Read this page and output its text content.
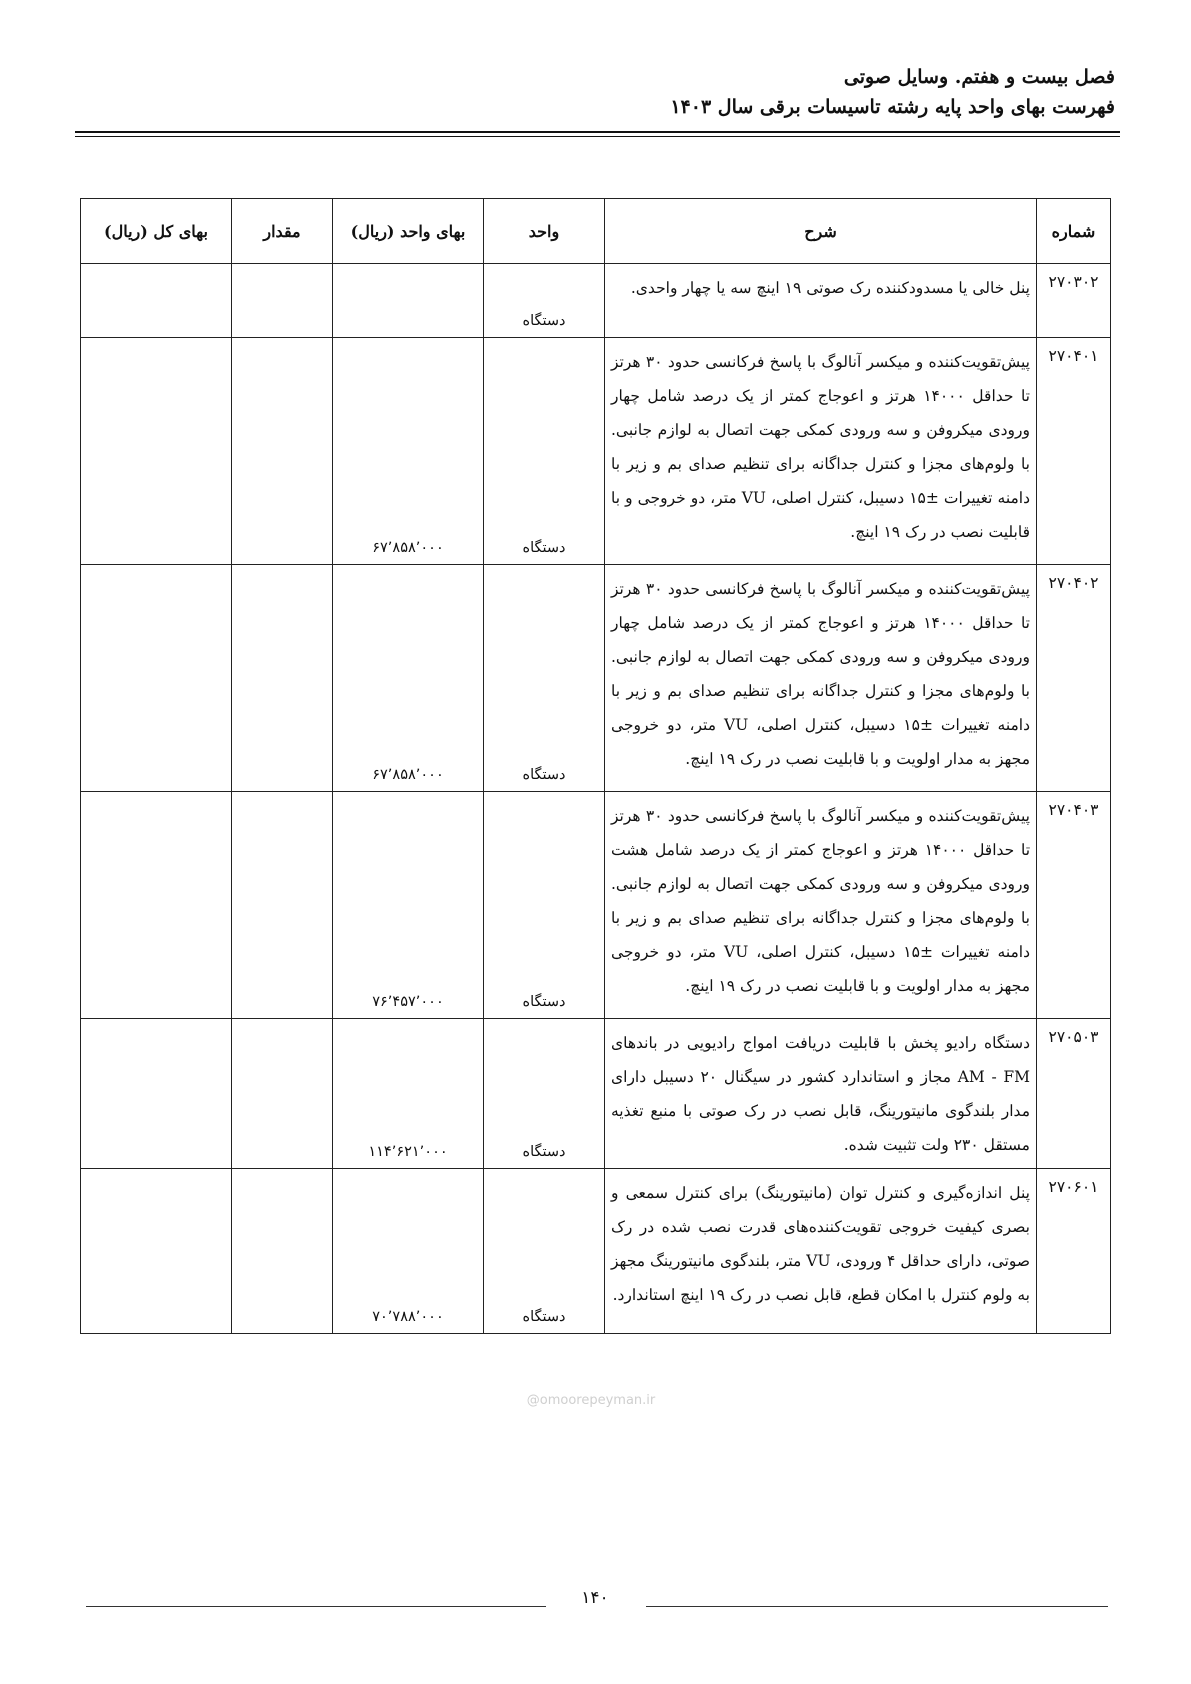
فصل بیست و هفتم. وسایل صوتی
فهرست بهای واحد پایه رشته تاسیسات برقی سال ۱۴۰۳
شماره	شرح	واحد	بهای واحد (ریال)	مقدار	بهای کل (ریال)
۲۷۰۳۰۲	پنل خالی یا مسدودکننده رک صوتی ۱۹ اینچ سه یا چهار واحدی.	دستگاه			

۲۷۰۴۰۱	پیش‌تقویت‌کننده و میکسر آنالوگ با پاسخ فرکانسی حدود ۳۰ هرتز تا حداقل ۱۴۰۰۰ هرتز و اعوجاج کمتر از یک درصد شامل چهار ورودی میکروفن و سه ورودی کمکی جهت اتصال به لوازم جانبی. با ولوم‌های مجزا و کنترل جداگانه برای تنظیم صدای بم و زیر با دامنه تغییرات ±۱۵ دسیبل، کنترل اصلی، VU متر، دو خروجی و با قابلیت نصب در رک ۱۹ اینچ.	دستگاه	۶۷٬۸۵۸٬۰۰۰		

۲۷۰۴۰۲	پیش‌تقویت‌کننده و میکسر آنالوگ با پاسخ فرکانسی حدود ۳۰ هرتز تا حداقل ۱۴۰۰۰ هرتز و اعوجاج کمتر از یک درصد شامل چهار ورودی میکروفن و سه ورودی کمکی جهت اتصال به لوازم جانبی. با ولوم‌های مجزا و کنترل جداگانه برای تنظیم صدای بم و زیر با دامنه تغییرات ±۱۵ دسیبل، کنترل اصلی، VU متر، دو خروجی مجهز به مدار اولویت و با قابلیت نصب در رک ۱۹ اینچ.	دستگاه	۶۷٬۸۵۸٬۰۰۰		

۲۷۰۴۰۳	پیش‌تقویت‌کننده و میکسر آنالوگ با پاسخ فرکانسی حدود ۳۰ هرتز تا حداقل ۱۴۰۰۰ هرتز و اعوجاج کمتر از یک درصد شامل هشت ورودی میکروفن و سه ورودی کمکی جهت اتصال به لوازم جانبی. با ولوم‌های مجزا و کنترل جداگانه برای تنظیم صدای بم و زیر با دامنه تغییرات ±۱۵ دسیبل، کنترل اصلی، VU متر، دو خروجی مجهز به مدار اولویت و با قابلیت نصب در رک ۱۹ اینچ.	دستگاه	۷۶٬۴۵۷٬۰۰۰		

۲۷۰۵۰۳	دستگاه رادیو پخش با قابلیت دریافت امواج رادیویی در باندهای AM - FM مجاز و استاندارد کشور در سیگنال ۲۰ دسیبل دارای مدار بلندگوی مانیتورینگ، قابل نصب در رک صوتی با منبع تغذیه مستقل ۲۳۰ ولت تثبیت شده.	دستگاه	۱۱۴٬۶۲۱٬۰۰۰		

۲۷۰۶۰۱	پنل اندازه‌گیری و کنترل توان (مانیتورینگ) برای کنترل سمعی و بصری کیفیت خروجی تقویت‌کننده‌های قدرت نصب شده در رک صوتی، دارای حداقل ۴ ورودی، VU متر، بلندگوی مانیتورینگ مجهز به ولوم کنترل با امکان قطع، قابل نصب در رک ۱۹ اینچ استاندارد.	دستگاه	۷۰٬۷۸۸٬۰۰۰		

@omoorepeyman.ir
۱۴۰
